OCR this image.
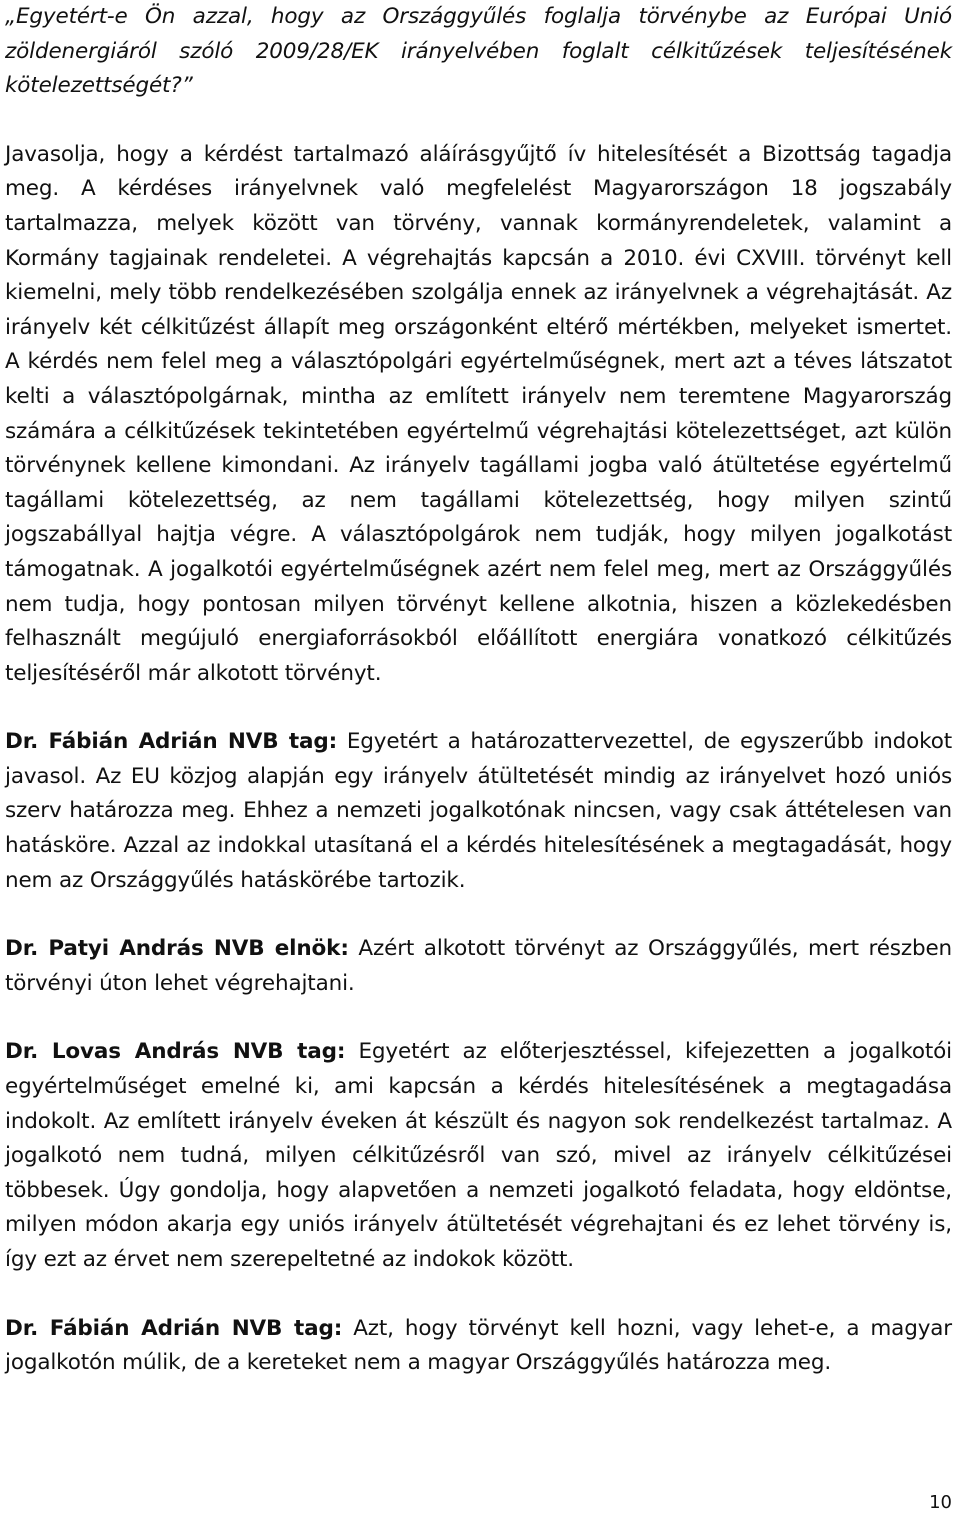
„Egyetért-e Ön azzal, hogy az Országgyűlés foglalja törvénybe az Európai Unió zöldenergiáról szóló 2009/28/EK irányelvében foglalt célkitűzések teljesítésének kötelezettségét?”

Javasolja, hogy a kérdést tartalmazó aláírásgyűjtő ív hitelesítését a Bizottság tagadja meg. A kérdéses irányelvnek való megfelelést Magyarországon 18 jogszabály tartalmazza, melyek között van törvény, vannak kormányrendeletek, valamint a Kormány tagjainak rendeletei. A végrehajtás kapcsán a 2010. évi CXVIII. törvényt kell kiemelni, mely több rendelkezésében szolgálja ennek az irányelvnek a végrehajtását. Az irányelv két célkitűzést állapít meg országonként eltérő mértékben, melyeket ismertet. A kérdés nem felel meg a választópolgári egyértelműségnek, mert azt a téves látszatot kelti a választópolgárnak, mintha az említett irányelv nem teremtene Magyarország számára a célkitűzések tekintetében egyértelmű végrehajtási kötelezettséget, azt külön törvénynek kellene kimondani. Az irányelv tagállami jogba való átültetése egyértelmű tagállami kötelezettség, az nem tagállami kötelezettség, hogy milyen szintű jogszabállyal hajtja végre. A választópolgárok nem tudják, hogy milyen jogalkotást támogatnak. A jogalkotói egyértelműségnek azért nem felel meg, mert az Országgyűlés nem tudja, hogy pontosan milyen törvényt kellene alkotnia, hiszen a közlekedésben felhasznált megújuló energiaforrásokból előállított energiára vonatkozó célkitűzés teljesítéséről már alkotott törvényt.

Dr. Fábián Adrián NVB tag: Egyetért a határozattervezettel, de egyszerűbb indokot javasol. Az EU közjog alapján egy irányelv átültetését mindig az irányelvet hozó uniós szerv határozza meg. Ehhez a nemzeti jogalkotónak nincsen, vagy csak áttételesen van hatásköre. Azzal az indokkal utasítaná el a kérdés hitelesítésének a megtagadását, hogy nem az Országgyűlés hatáskörébe tartozik.

Dr. Patyi András NVB elnök: Azért alkotott törvényt az Országgyűlés, mert részben törvényi úton lehet végrehajtani.

Dr. Lovas András NVB tag: Egyetért az előterjesztéssel, kifejezetten a jogalkotói egyértelműséget emelné ki, ami kapcsán a kérdés hitelesítésének a megtagadása indokolt. Az említett irányelv éveken át készült és nagyon sok rendelkezést tartalmaz. A jogalkotó nem tudná, milyen célkitűzésről van szó, mivel az irányelv célkitűzései többesek. Úgy gondolja, hogy alapvetően a nemzeti jogalkotó feladata, hogy eldöntse, milyen módon akarja egy uniós irányelv átültetését végrehajtani és ez lehet törvény is, így ezt az érvet nem szerepeltetné az indokok között.

Dr. Fábián Adrián NVB tag: Azt, hogy törvényt kell hozni, vagy lehet-e, a magyar jogalkotón múlik, de a kereteket nem a magyar Országgyűlés határozza meg.

10
